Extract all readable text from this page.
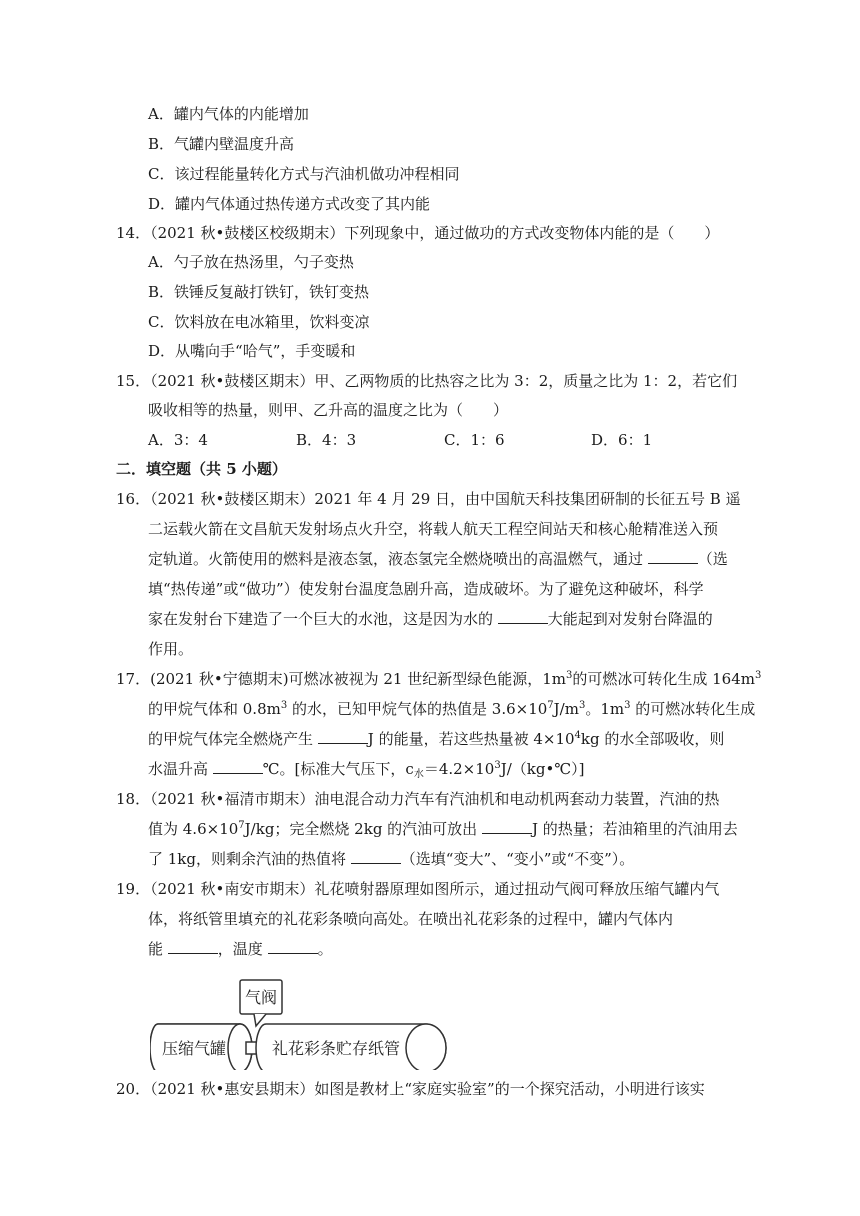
A．罐内气体的内能增加
B．气罐内壁温度升高
C．该过程能量转化方式与汽油机做功冲程相同
D．罐内气体通过热传递方式改变了其内能
14．（2021 秋•鼓楼区校级期末）下列现象中，通过做功的方式改变物体内能的是（　　）
A．勺子放在热汤里，勺子变热
B．铁锤反复敲打铁钉，铁钉变热
C．饮料放在电冰箱里，饮料变凉
D．从嘴向手“哈气”，手变暖和
15．（2021 秋•鼓楼区期末）甲、乙两物质的比热容之比为 3：2，质量之比为 1：2，若它们
吸收相等的热量，则甲、乙升高的温度之比为（　　）
A．3：4	B．4：3	C．1：6	D．6：1
二．填空题（共 5 小题）
16．（2021 秋•鼓楼区期末）2021 年 4 月 29 日，由中国航天科技集团研制的长征五号 B 遥
二运载火箭在文昌航天发射场点火升空，将载人航天工程空间站天和核心舱精准送入预
定轨道。火箭使用的燃料是液态氢，液态氢完全燃烧喷出的高温燃气，通过	（选
填“热传递”或“做功”）使发射台温度急剧升高，造成破坏。为了避免这种破坏，科学
家在发射台下建造了一个巨大的水池，这是因为水的	大能起到对发射台降温的
作用。
17．(2021 秋•宁德期末)可燃冰被视为 21 世纪新型绿色能源，$1m^3$的可燃冰可转化生成 $164m^3$
的甲烷气体和 $0.8m^3$ 的水，已知甲烷气体的热值是 $3.6\times 10^7J/m^3$。$1m^3$ 的可燃冰转化生成
的甲烷气体完全燃烧产生	J 的能量，若这些热量被 $4\times 10^4kg$ 的水全部吸收，则
水温升高	℃。[标准大气压下，$c_水=4.2\times 10^3J/(kg•℃)$]
18．（2021 秋•福清市期末）油电混合动力汽车有汽油机和电动机两套动力装置，汽油的热
值为 $4.6\times 10^7J/kg$；完全燃烧 2kg 的汽油可放出	J 的热量；若油箱里的汽油用去
了 1kg，则剩余汽油的热值将	（选填“变大”、“变小”或“不变”）。
19．（2021 秋•南安市期末）礼花喷射器原理如图所示，通过扭动气阀可释放压缩气罐内气
体，将纸管里填充的礼花彩条喷向高处。在喷出礼花彩条的过程中，罐内气体内
能	，温度	。
气阀
压缩气罐	礼花彩条贮存纸管
20．（2021 秋•惠安县期末）如图是教材上“家庭实验室”的一个探究活动，小明进行该实
